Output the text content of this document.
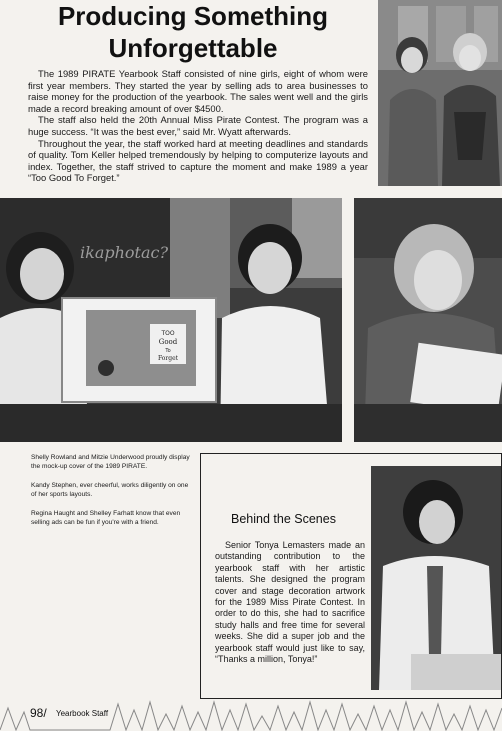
Producing Something
Unforgettable

The 1989 PIRATE Yearbook Staff consisted of nine girls, eight of whom were first year members. They started the year by selling ads to area businesses to raise money for the production of the yearbook. The sales went well and the girls made a record breaking amount of over $4500.

The staff also held the 20th Annual Miss Pirate Contest. The program was a huge success. “It was the best ever,” said Mr. Wyatt afterwards.

Throughout the year, the staff worked hard at meeting deadlines and standards of quality. Tom Keller helped tremendously by helping to computerize layouts and index. Together, the staff strived to capture the moment and make 1989 a year “Too Good To Forget.”

ikaphotac?
TOO
Good
To
Forget

Shelly Rowland and Mitzie Underwood proudly display the mock-up cover of the 1989 PIRATE.

Kandy Stephen, ever cheerful, works diligently on one of her sports layouts.

Regina Haught and Shelley Farhatt know that even selling ads can be fun if you're with a friend.	Behind the Scenes

Senior Tonya Lemasters made an outstanding contribution to the yearbook staff with her artistic talents. She designed the program cover and stage decoration artwork for the 1989 Miss Pirate Contest. In order to do this, she had to sacrifice study halls and free time for several weeks. She did a super job and the yearbook staff would just like to say, “Thanks a million, Tonya!”

98/ Yearbook Staff
